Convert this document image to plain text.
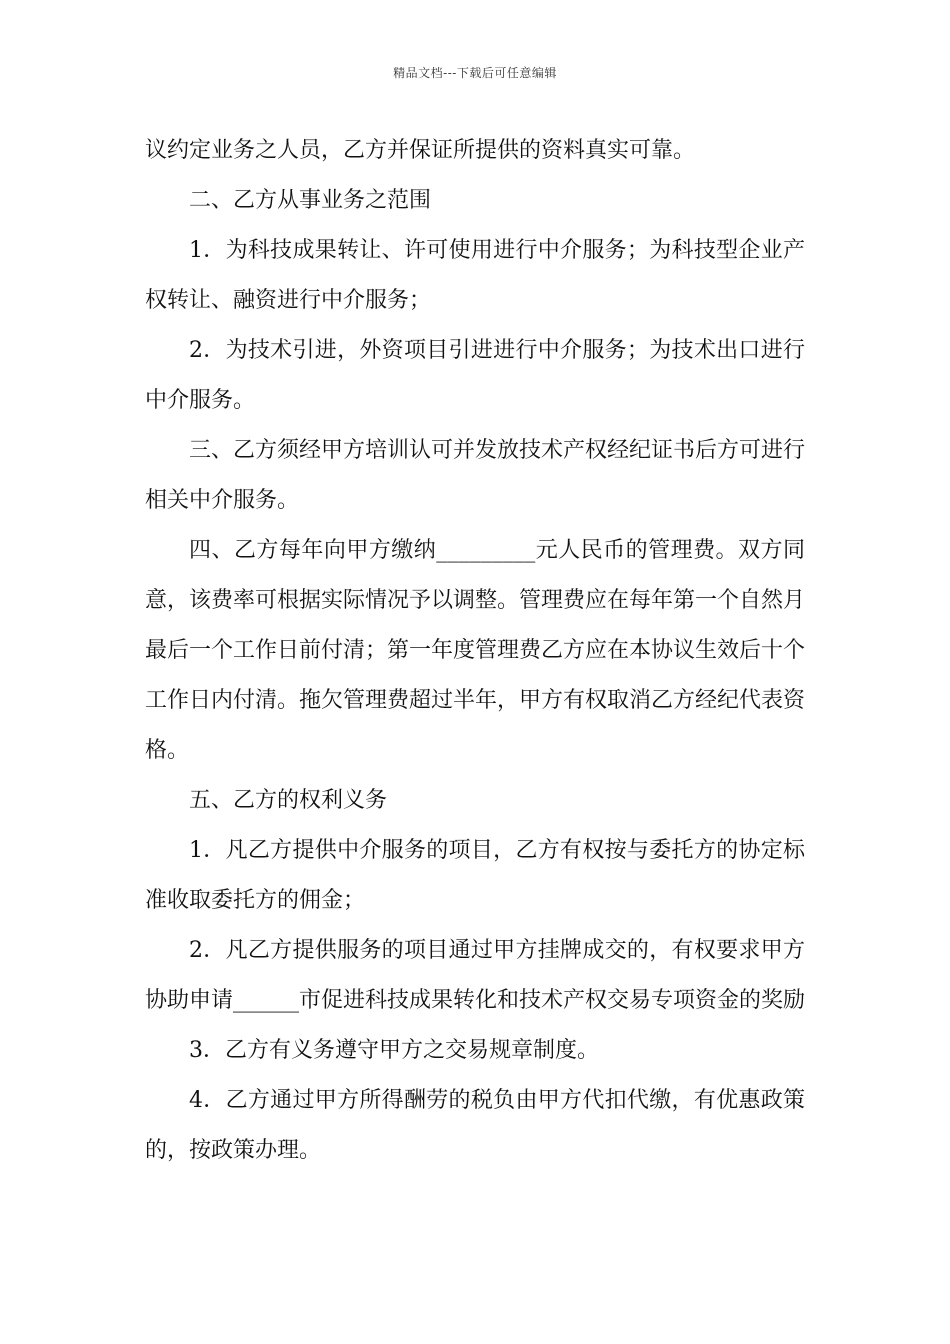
精品文档---下载后可任意编辑

议约定业务之人员，乙方并保证所提供的资料真实可靠。

二、乙方从事业务之范围

1．为科技成果转让、许可使用进行中介服务；为科技型企业产权转让、融资进行中介服务；

2．为技术引进，外资项目引进进行中介服务；为技术出口进行中介服务。

三、乙方须经甲方培训认可并发放技术产权经纪证书后方可进行相关中介服务。

四、乙方每年向甲方缴纳_________元人民币的管理费。双方同意，该费率可根据实际情况予以调整。管理费应在每年第一个自然月最后一个工作日前付清；第一年度管理费乙方应在本协议生效后十个工作日内付清。拖欠管理费超过半年，甲方有权取消乙方经纪代表资格。

五、乙方的权利义务

1．凡乙方提供中介服务的项目，乙方有权按与委托方的协定标准收取委托方的佣金；

2．凡乙方提供服务的项目通过甲方挂牌成交的，有权要求甲方协助申请______市促进科技成果转化和技术产权交易专项资金的奖励

3．乙方有义务遵守甲方之交易规章制度。

4．乙方通过甲方所得酬劳的税负由甲方代扣代缴，有优惠政策的，按政策办理。
